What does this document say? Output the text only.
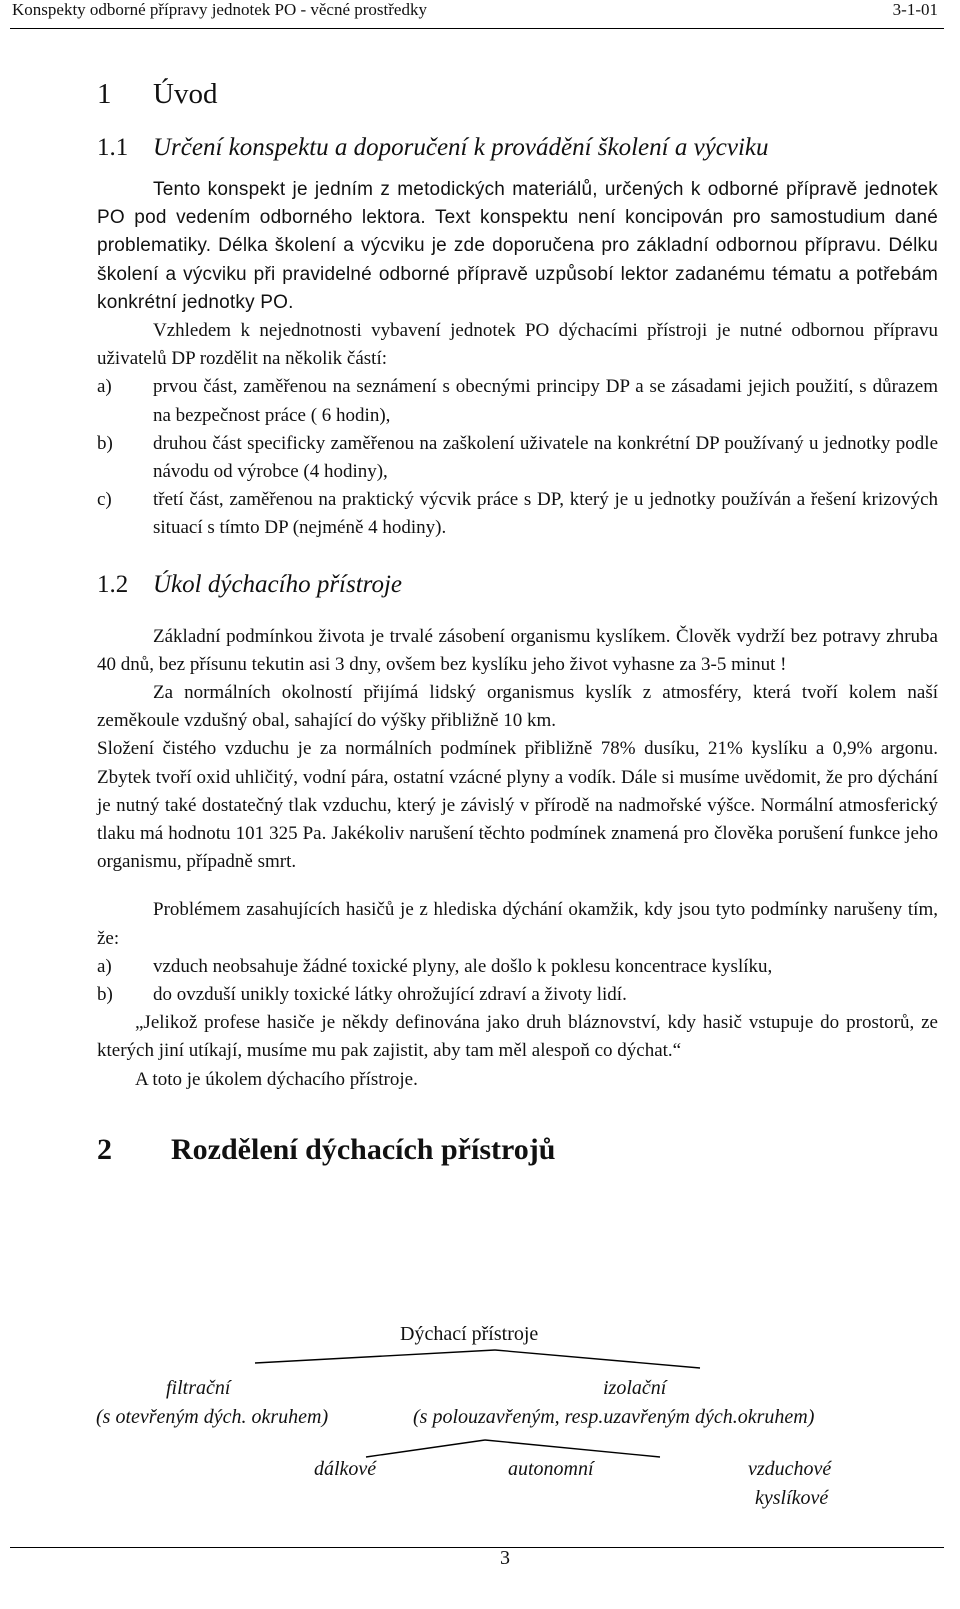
Konspekty odborné přípravy jednotek PO - věcné prostředky	3-1-01
1 Úvod
1.1 Určení konspektu a doporučení k provádění školení a výcviku

Tento konspekt je jedním z metodických materiálů, určených k odborné přípravě jednotek PO pod vedením odborného lektora. Text konspektu není koncipován pro samostudium dané problematiky. Délka školení a výcviku je zde doporučena pro základní odbornou přípravu. Délku školení a výcviku při pravidelné odborné přípravě uzpůsobí lektor zadanému tématu a potřebám konkrétní jednotky PO.

Vzhledem k nejednotnosti vybavení jednotek PO dýchacími přístroji je nutné odbornou přípravu uživatelů DP rozdělit na několik částí:

a)	prvou část, zaměřenou na seznámení s obecnými principy DP a se zásadami jejich použití, s důrazem na bezpečnost práce ( 6 hodin),
b)	druhou část specificky zaměřenou na zaškolení uživatele na konkrétní DP používaný u jednotky podle návodu od výrobce (4 hodiny),
c)	třetí část, zaměřenou na praktický výcvik práce s DP, který je u jednotky používán a řešení krizových situací s tímto DP (nejméně 4 hodiny).
1.2 Úkol dýchacího přístroje

Základní podmínkou života je trvalé zásobení organismu kyslíkem. Člověk vydrží bez potravy zhruba 40 dnů, bez přísunu tekutin asi 3 dny, ovšem bez kyslíku jeho život vyhasne za 3-5 minut !

Za normálních okolností přijímá lidský organismus kyslík z atmosféry, která tvoří kolem naší zeměkoule vzdušný obal, sahající do výšky přibližně 10 km.

Složení čistého vzduchu je za normálních podmínek přibližně 78% dusíku, 21% kyslíku a 0,9% argonu. Zbytek tvoří oxid uhličitý, vodní pára, ostatní vzácné plyny a vodík. Dále si musíme uvědomit, že pro dýchání je nutný také dostatečný tlak vzduchu, který je závislý v přírodě na nadmořské výšce. Normální atmosferický tlaku má hodnotu 101 325 Pa. Jakékoliv narušení těchto podmínek znamená pro člověka porušení funkce jeho organismu, případně smrt.

Problémem zasahujících hasičů je z hlediska dýchání okamžik, kdy jsou tyto podmínky narušeny tím, že:

a)	vzduch neobsahuje žádné toxické plyny, ale došlo k poklesu koncentrace kyslíku,
b)	do ovzduší unikly toxické látky ohrožující zdraví a životy lidí.

„Jelikož profese hasiče je někdy definována jako druh bláznovství, kdy hasič vstupuje do prostorů, ze kterých jiní utíkají, musíme mu pak zajistit, aby tam měl alespoň co dýchat.“

A toto je úkolem dýchacího přístroje.

2 Rozdělení dýchacích přístrojů
Dýchací přístroje
filtrační
(s otevřeným dých. okruhem)
izolační
(s polouzavřeným, resp.uzavřeným dých.okruhem)
dálkové	autonomní	vzduchové
kyslíkové
3
